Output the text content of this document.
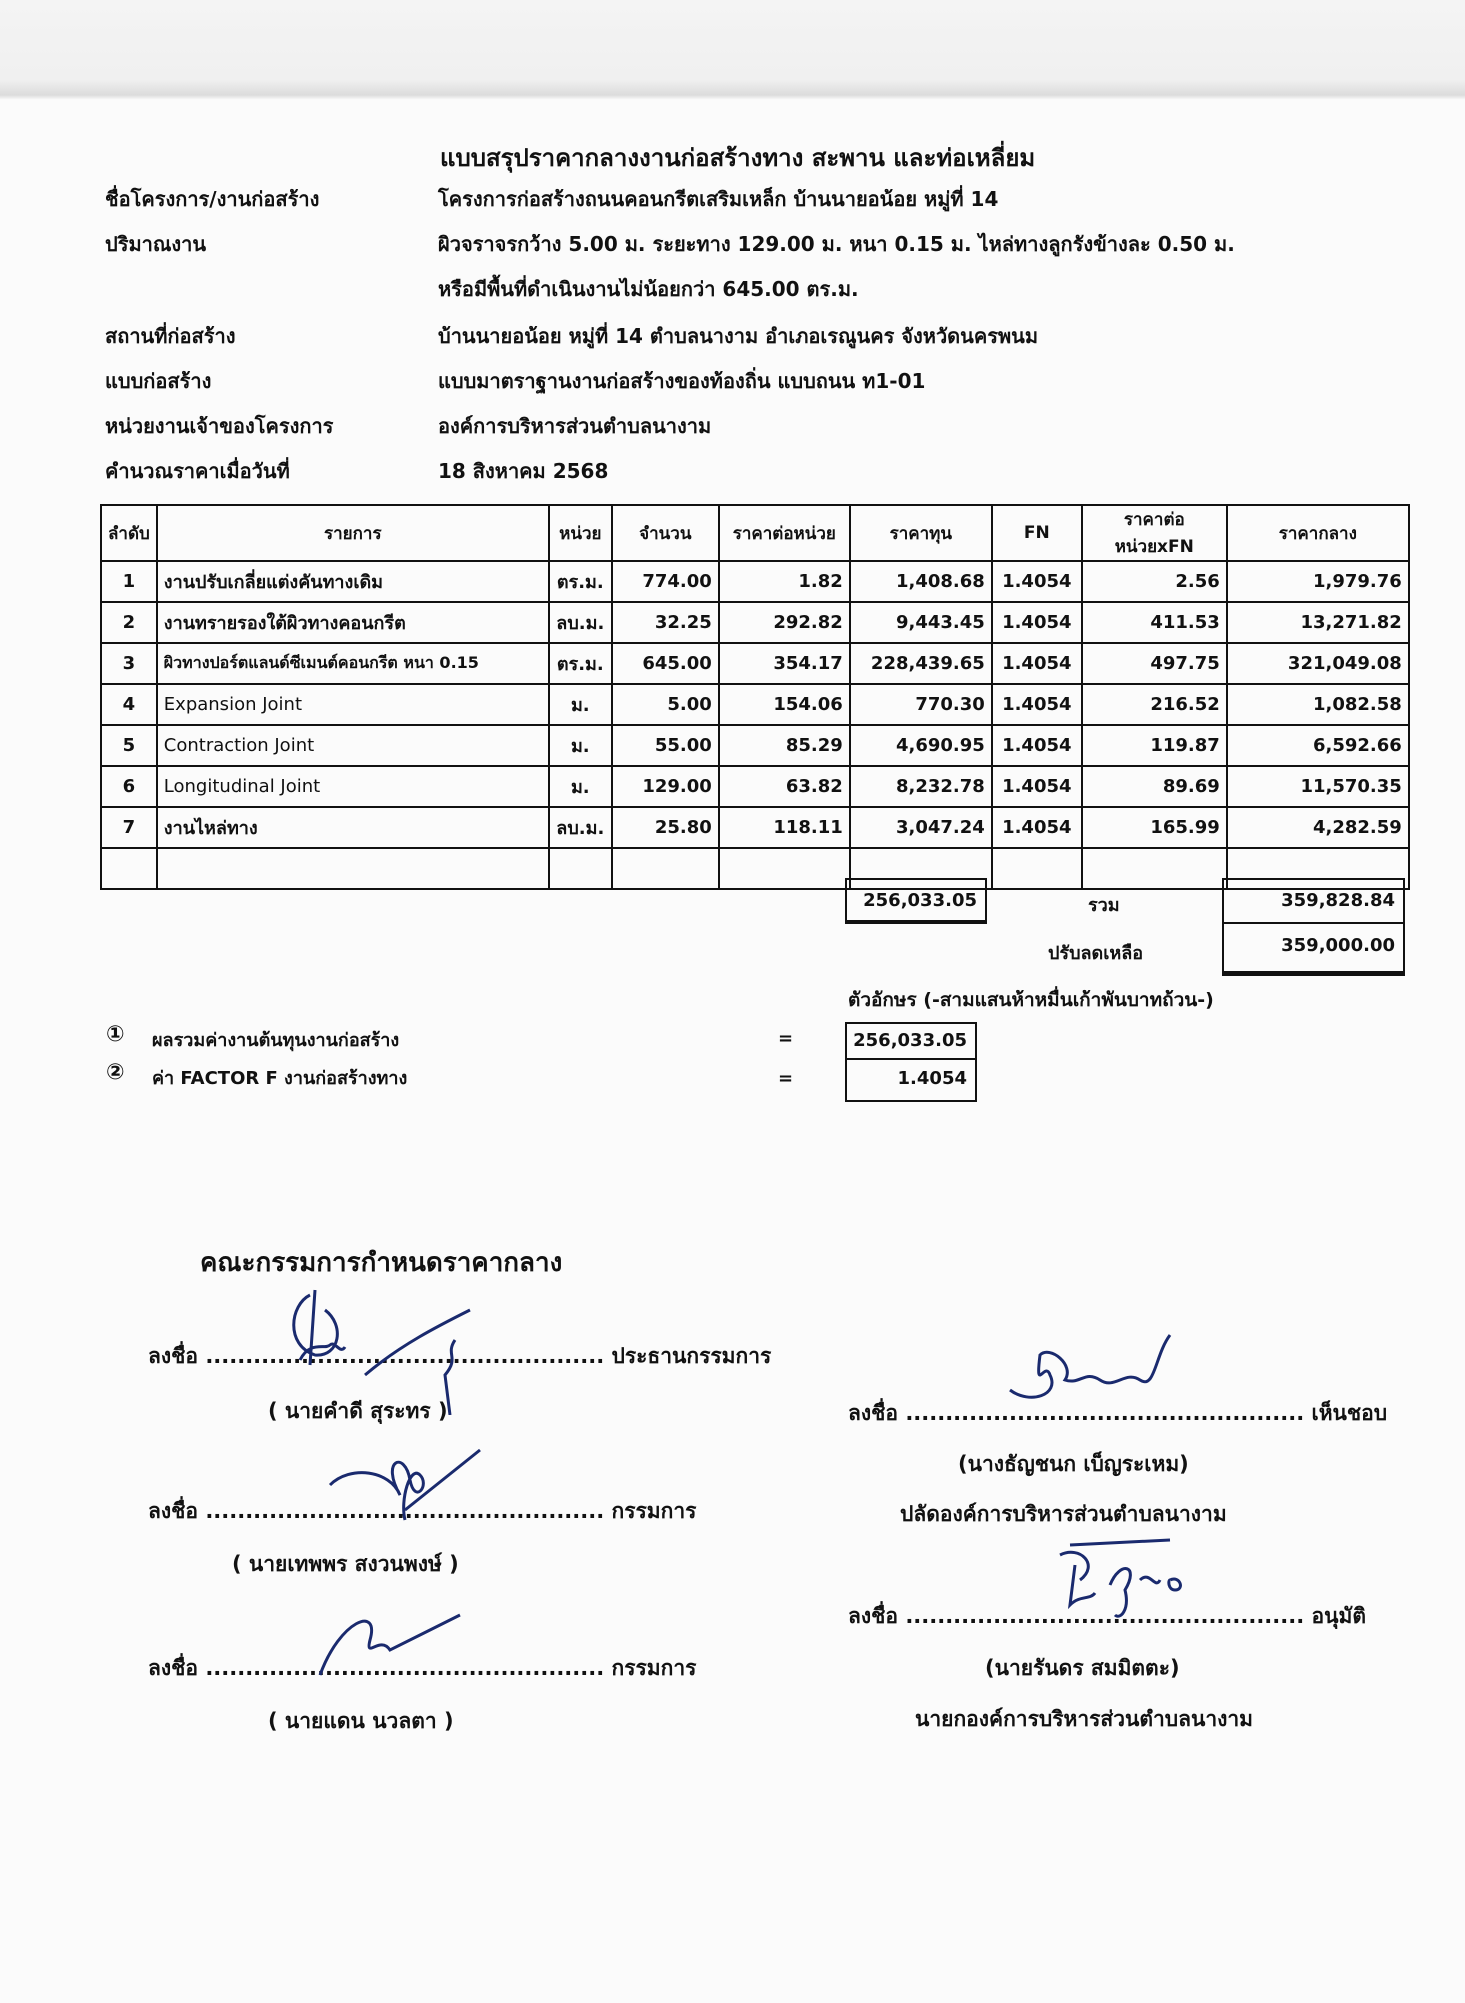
แบบสรุปราคากลางงานก่อสร้างทาง สะพาน และท่อเหลี่ยม
ชื่อโครงการ/งานก่อสร้าง	โครงการก่อสร้างถนนคอนกรีตเสริมเหล็ก บ้านนายอน้อย หมู่ที่ 14
ปริมาณงาน	ผิวจราจรกว้าง 5.00 ม. ระยะทาง 129.00 ม. หนา 0.15 ม. ไหล่ทางลูกรังข้างละ 0.50 ม.
หรือมีพื้นที่ดำเนินงานไม่น้อยกว่า 645.00 ตร.ม.
สถานที่ก่อสร้าง	บ้านนายอน้อย หมู่ที่ 14 ตำบลนางาม อำเภอเรณูนคร จังหวัดนครพนม
แบบก่อสร้าง	แบบมาตราฐานงานก่อสร้างของท้องถิ่น แบบถนน ท1-01
หน่วยงานเจ้าของโครงการ	องค์การบริหารส่วนตำบลนางาม
คำนวณราคาเมื่อวันที่	18 สิงหาคม 2568
ลำดับ	รายการ	หน่วย	จำนวน	ราคาต่อหน่วย	ราคาทุน	FN	ราคาต่อหน่วยxFN	ราคากลาง
1	งานปรับเกลี่ยแต่งคันทางเดิม	ตร.ม.	774.00	1.82	1,408.68	1.4054	2.56	1,979.76
2	งานทรายรองใต้ผิวทางคอนกรีต	ลบ.ม.	32.25	292.82	9,443.45	1.4054	411.53	13,271.82
3	ผิวทางปอร์ตแลนด์ซีเมนต์คอนกรีต หนา 0.15	ตร.ม.	645.00	354.17	228,439.65	1.4054	497.75	321,049.08
4	Expansion Joint	ม.	5.00	154.06	770.30	1.4054	216.52	1,082.58
5	Contraction Joint	ม.	55.00	85.29	4,690.95	1.4054	119.87	6,592.66
6	Longitudinal Joint	ม.	129.00	63.82	8,232.78	1.4054	89.69	11,570.35
7	งานไหล่ทาง	ลบ.ม.	25.80	118.11	3,047.24	1.4054	165.99	4,282.59

256,033.05	รวม	359,828.84
ปรับลดเหลือ	359,000.00
ตัวอักษร (-สามแสนห้าหมื่นเก้าพันบาทถ้วน-)
① ผลรวมค่างานต้นทุนงานก่อสร้าง	=	256,033.05
② ค่า FACTOR F งานก่อสร้างทาง	=	1.4054
คณะกรรมการกำหนดราคากลาง
ลงชื่อ .................................................. ประธานกรรมการ
( นายคำดี สุระทร )
ลงชื่อ .................................................. กรรมการ
( นายเทพพร สงวนพงษ์ )
ลงชื่อ .................................................. กรรมการ
( นายแดน นวลตา )
ลงชื่อ .................................................. เห็นชอบ
(นางธัญชนก เบ็ญระเหม)
ปลัดองค์การบริหารส่วนตำบลนางาม
ลงชื่อ .................................................. อนุมัติ
(นายรันดร สมมิตตะ)
นายกองค์การบริหารส่วนตำบลนางาม
